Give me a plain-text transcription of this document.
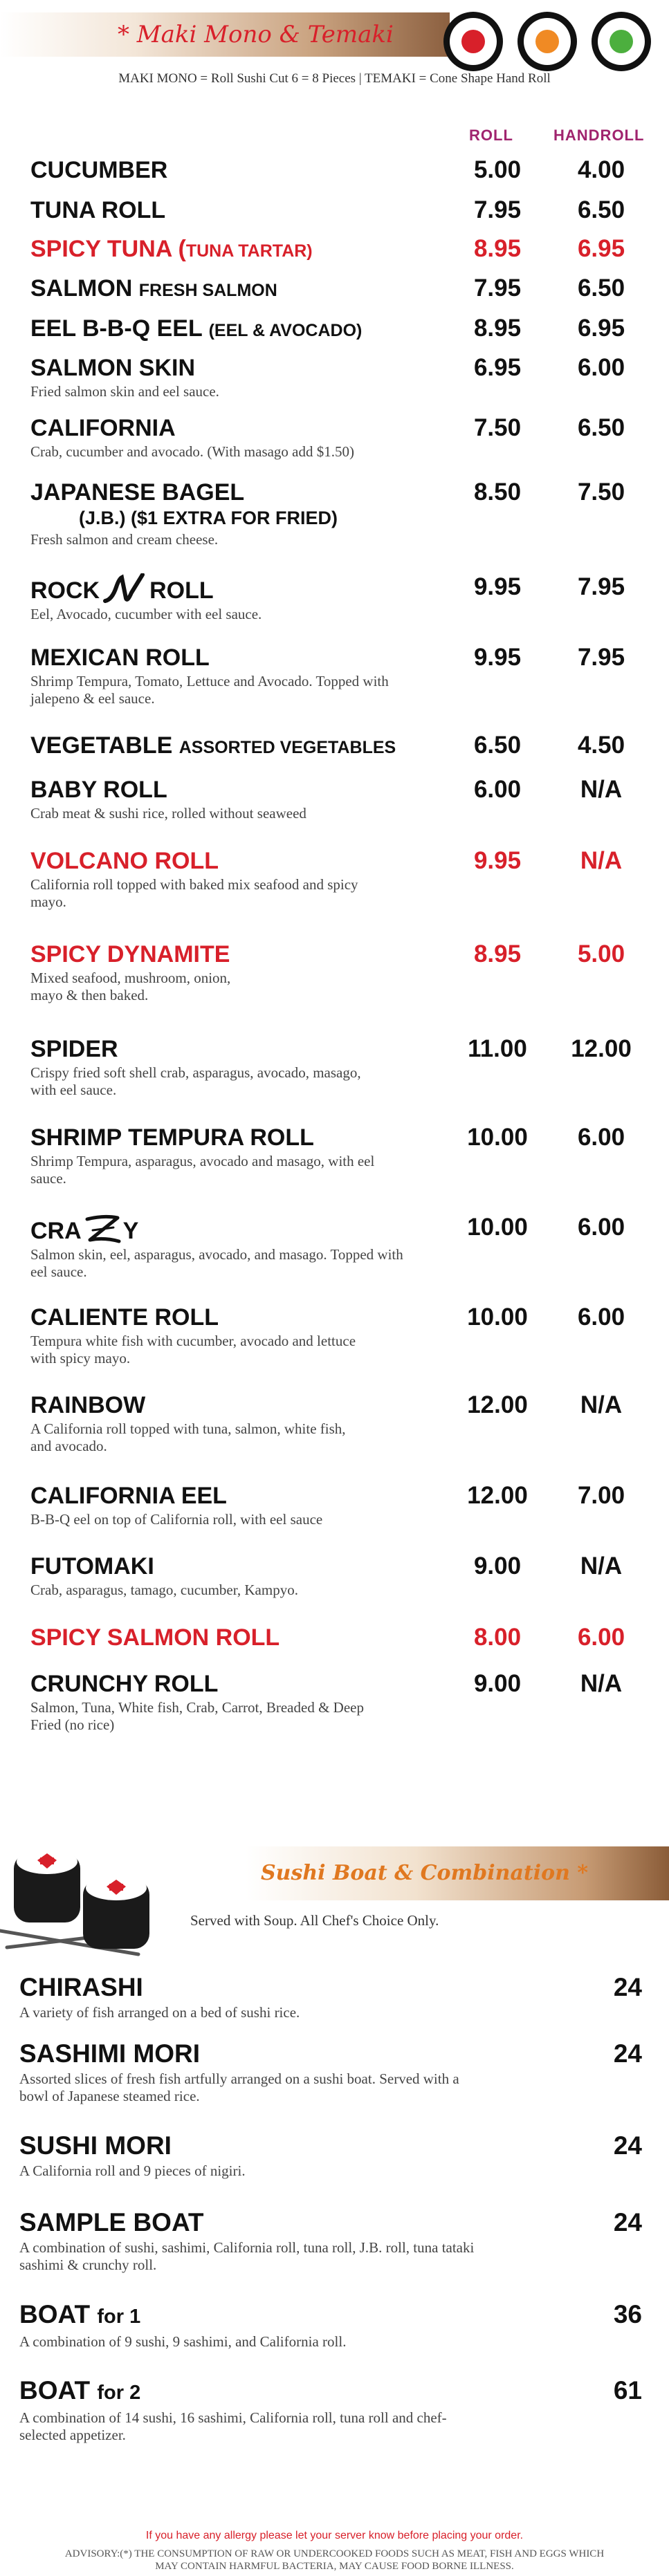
* Maki Mono & Temaki
MAKI MONO = Roll Sushi Cut 6 = 8 Pieces | TEMAKI = Cone Shape Hand Roll
ROLL	HANDROLL
CUCUMBER	5.00	4.00
TUNA ROLL	7.95	6.50
SPICY TUNA (TUNA TARTAR)	8.95	6.95
SALMON FRESH SALMON	7.95	6.50
EEL B-B-Q EEL (EEL & AVOCADO)	8.95	6.95
SALMON SKIN
Fried salmon skin and eel sauce.
6.95	6.00
CALIFORNIA
Crab, cucumber and avocado. (With masago add $1.50)
7.50	6.50
JAPANESE BAGEL
(J.B.) ($1 EXTRA FOR FRIED)
Fresh salmon and cream cheese.
8.50	7.50
ROCK ROLL
Eel, Avocado, cucumber with eel sauce.
9.95	7.95
MEXICAN ROLL
Shrimp Tempura, Tomato, Lettuce and Avocado. Topped with jalepeno & eel sauce.
9.95	7.95
VEGETABLE ASSORTED VEGETABLES	6.50	4.50
BABY ROLL
Crab meat & sushi rice, rolled without seaweed
6.00	N/A
VOLCANO ROLL
California roll topped with baked mix seafood and spicy mayo.
9.95	N/A
SPICY DYNAMITE
Mixed seafood, mushroom, onion, mayo & then baked.
8.95	5.00
SPIDER
Crispy fried soft shell crab, asparagus, avocado, masago, with eel sauce.
11.00	12.00
SHRIMP TEMPURA ROLL
Shrimp Tempura, asparagus, avocado and masago, with eel sauce.
10.00	6.00
CRA Y
Salmon skin, eel, asparagus, avocado, and masago. Topped with eel sauce.
10.00	6.00
CALIENTE ROLL
Tempura white fish with cucumber, avocado and lettuce with spicy mayo.
10.00	6.00
RAINBOW
A California roll topped with tuna, salmon, white fish, and avocado.
12.00	N/A
CALIFORNIA EEL
B-B-Q eel on top of California roll, with eel sauce
12.00	7.00
FUTOMAKI
Crab, asparagus, tamago, cucumber, Kampyo.
9.00	N/A
SPICY SALMON ROLL	8.00	6.00
CRUNCHY ROLL
Salmon, Tuna, White fish, Crab, Carrot, Breaded & Deep Fried (no rice)
9.00	N/A
Sushi Boat & Combination *
Served with Soup. All Chef's Choice Only.
CHIRASHI
A variety of fish arranged on a bed of sushi rice.
24
SASHIMI MORI
Assorted slices of fresh fish artfully arranged on a sushi boat. Served with a bowl of Japanese steamed rice.
24
SUSHI MORI
A California roll and 9 pieces of nigiri.
24
SAMPLE BOAT
A combination of sushi, sashimi, California roll, tuna roll, J.B. roll, tuna tataki sashimi & crunchy roll.
24
BOAT for 1
A combination of 9 sushi, 9 sashimi, and California roll.
36
BOAT for 2
A combination of 14 sushi, 16 sashimi, California roll, tuna roll and chef-selected appetizer.
61
If you have any allergy please let your server know before placing your order.
ADVISORY:(*) THE CONSUMPTION OF RAW OR UNDERCOOKED FOODS SUCH AS MEAT, FISH AND EGGS WHICH MAY CONTAIN HARMFUL BACTERIA, MAY CAUSE FOOD BORNE ILLNESS.
